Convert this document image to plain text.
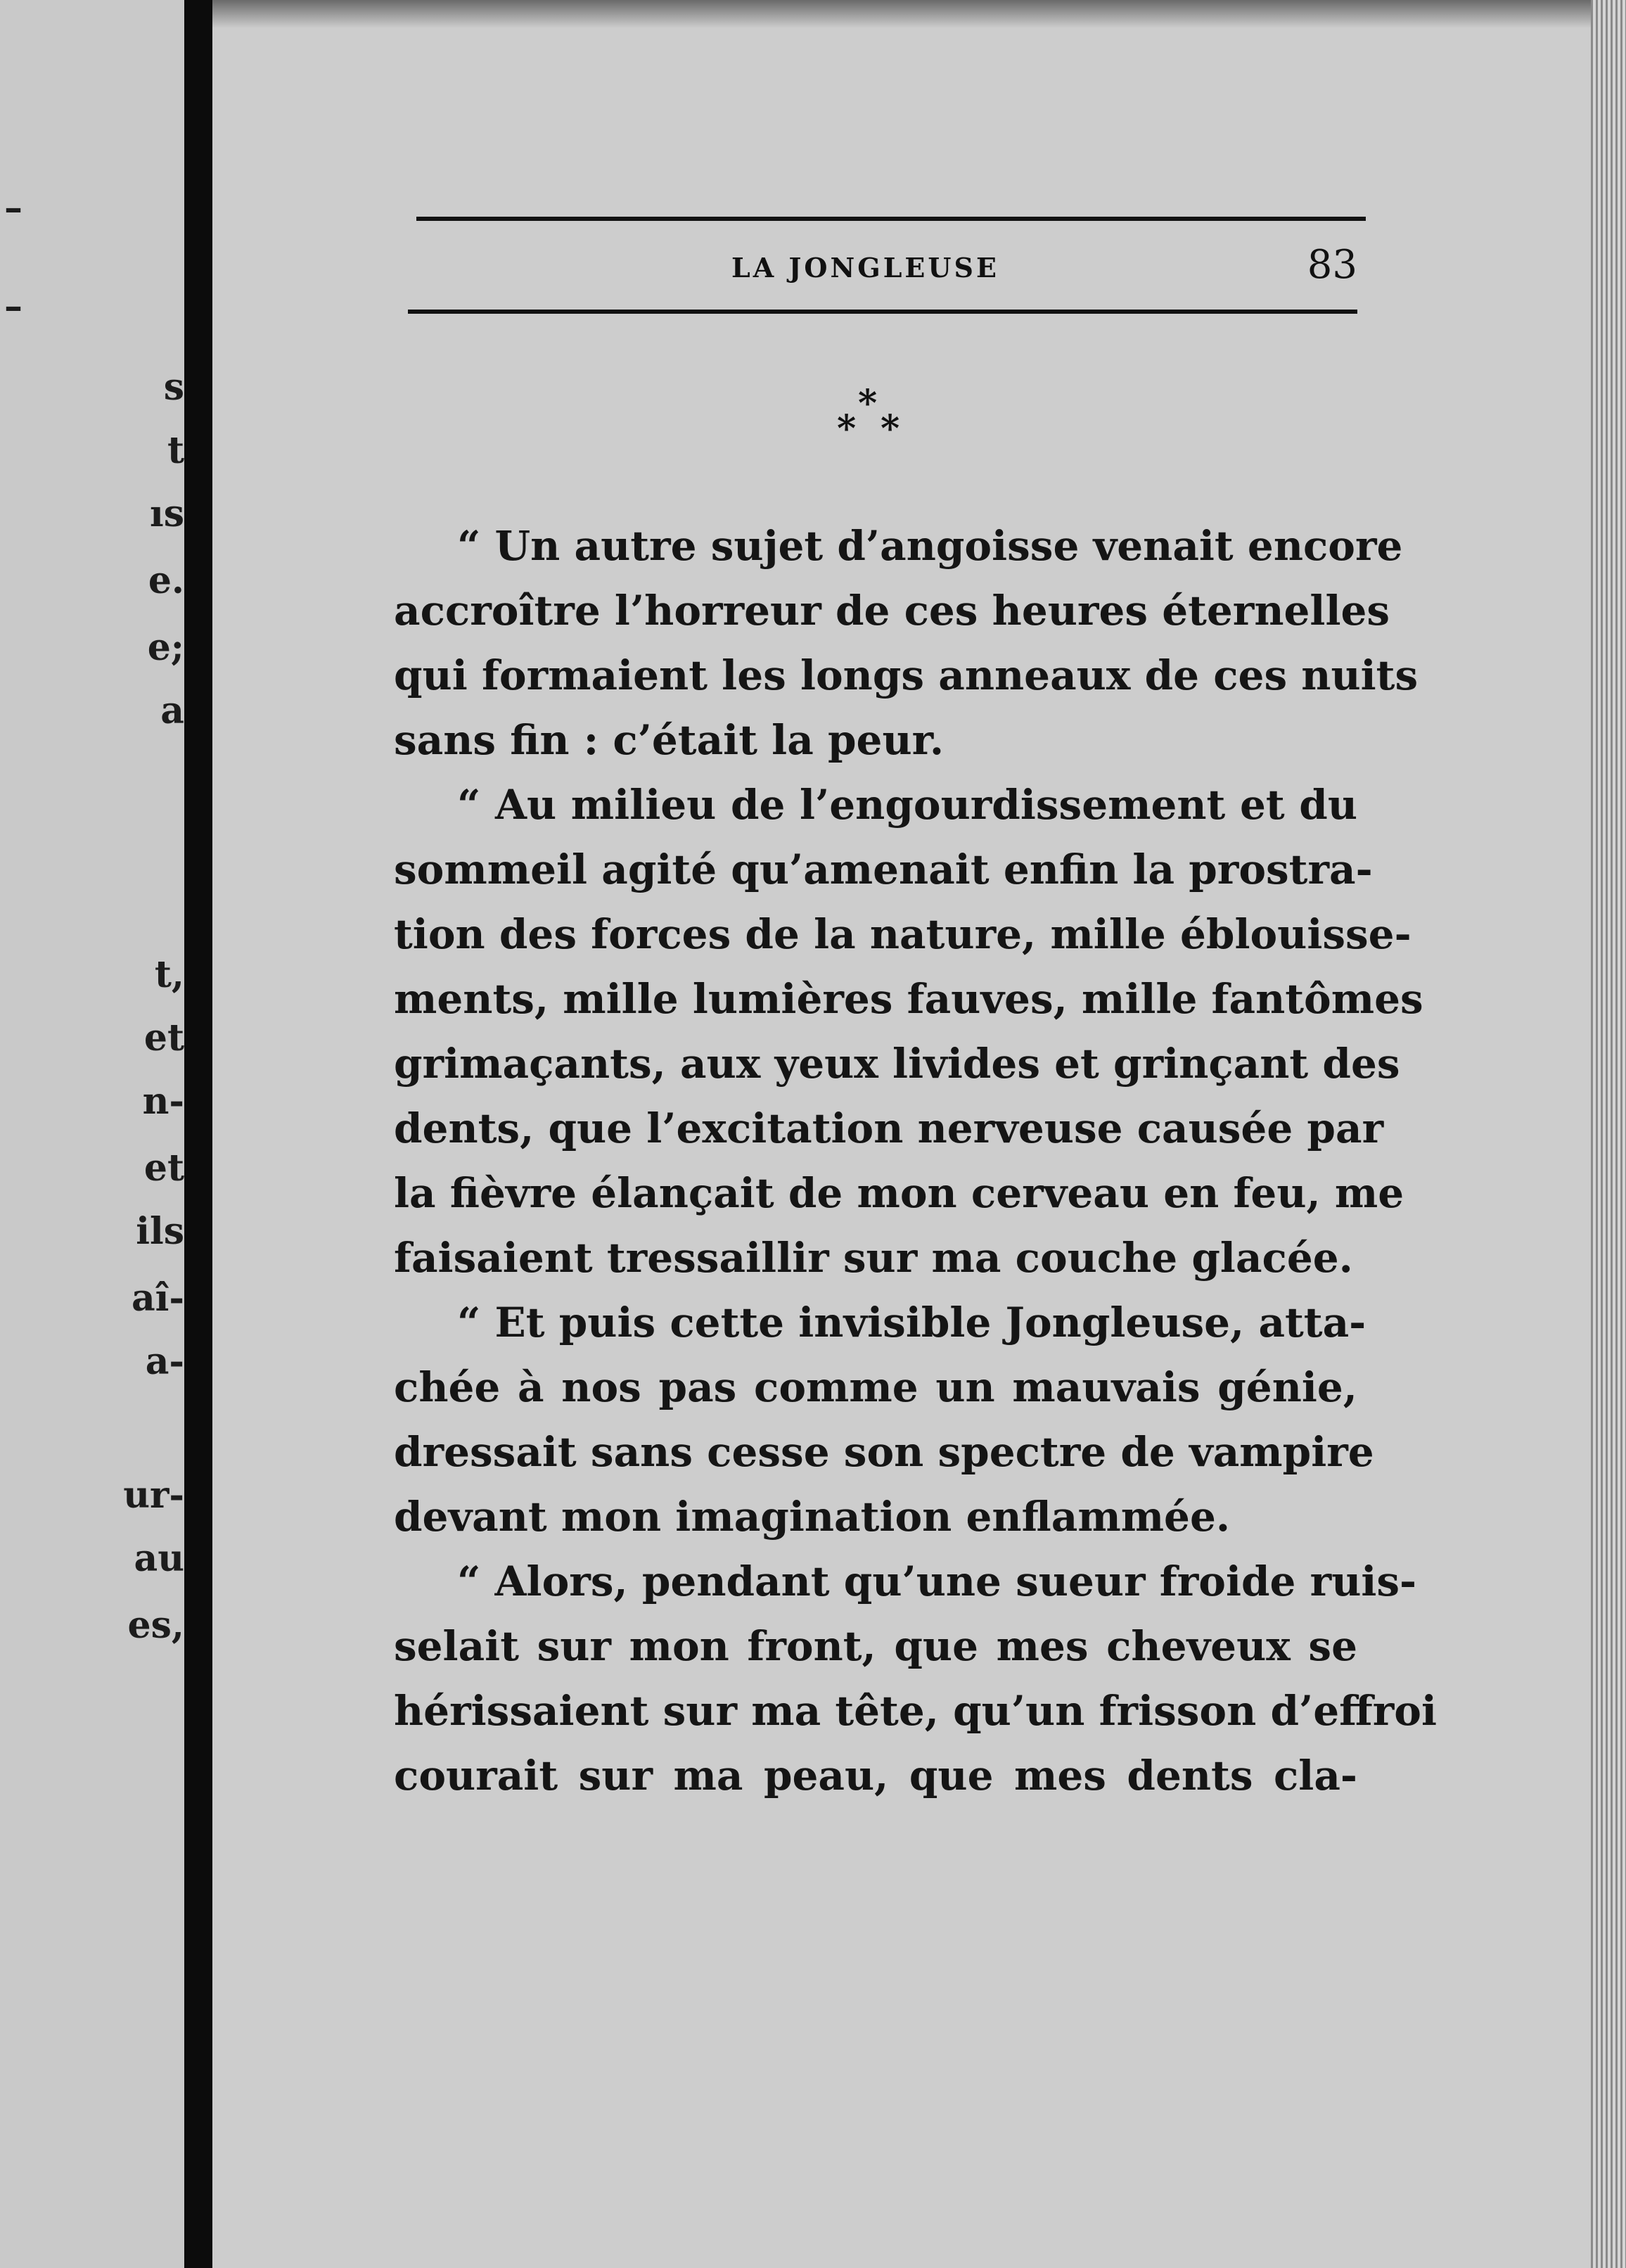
–
–
s
t
ıs
e.
e;
a
t,
et
n-
et
ils
aî-
a-
ur-
au
es,
LA JONGLEUSE	83
*
* *
“ Un autre sujet d’angoisse venait encore
accroître l’horreur de ces heures éternelles
qui formaient les longs anneaux de ces nuits
sans fin : c’était la peur.
“ Au milieu de l’engourdissement et du
sommeil agité qu’amenait enfin la prostra-
tion des forces de la nature, mille éblouisse-
ments, mille lumières fauves, mille fantômes
grimaçants, aux yeux livides et grinçant des
dents, que l’excitation nerveuse causée par
la fièvre élançait de mon cerveau en feu, me
faisaient tressaillir sur ma couche glacée.
“ Et puis cette invisible Jongleuse, atta-
chée à nos pas comme un mauvais génie,
dressait sans cesse son spectre de vampire
devant mon imagination enflammée.
“ Alors, pendant qu’une sueur froide ruis-
selait sur mon front, que mes cheveux se
hérissaient sur ma tête, qu’un frisson d’effroi
courait sur ma peau, que mes dents cla-
